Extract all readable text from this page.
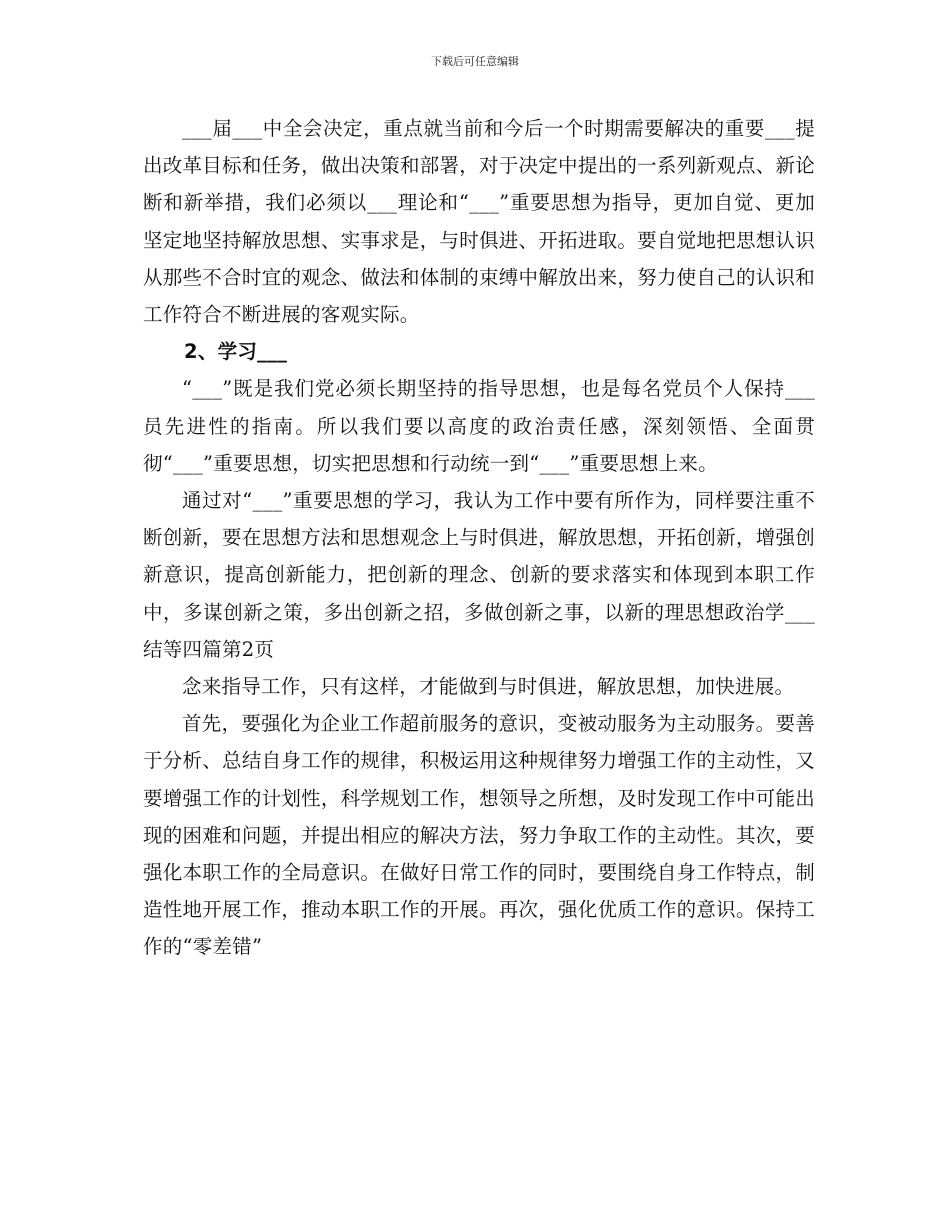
下载后可任意编辑

___届___中全会决定，重点就当前和今后一个时期需要解决的重要___提出改革目标和任务，做出决策和部署，对于决定中提出的一系列新观点、新论断和新举措，我们必须以___理论和“___”重要思想为指导，更加自觉、更加坚定地坚持解放思想、实事求是，与时俱进、开拓进取。要自觉地把思想认识从那些不合时宜的观念、做法和体制的束缚中解放出来，努力使自己的认识和工作符合不断进展的客观实际。

2、学习___

“___”既是我们党必须长期坚持的指导思想，也是每名党员个人保持___员先进性的指南。所以我们要以高度的政治责任感，深刻领悟、全面贯彻“___”重要思想，切实把思想和行动统一到“___”重要思想上来。

通过对“___”重要思想的学习，我认为工作中要有所作为，同样要注重不断创新，要在思想方法和思想观念上与时俱进，解放思想，开拓创新，增强创新意识，提高创新能力，把创新的理念、创新的要求落实和体现到本职工作中，多谋创新之策，多出创新之招，多做创新之事，以新的理思想政治学___结等四篇第2页

念来指导工作，只有这样，才能做到与时俱进，解放思想，加快进展。

首先，要强化为企业工作超前服务的意识，变被动服务为主动服务。要善于分析、总结自身工作的规律，积极运用这种规律努力增强工作的主动性，又要增强工作的计划性，科学规划工作，想领导之所想，及时发现工作中可能出现的困难和问题，并提出相应的解决方法，努力争取工作的主动性。其次，要强化本职工作的全局意识。在做好日常工作的同时，要围绕自身工作特点，制造性地开展工作，推动本职工作的开展。再次，强化优质工作的意识。保持工作的“零差错”
